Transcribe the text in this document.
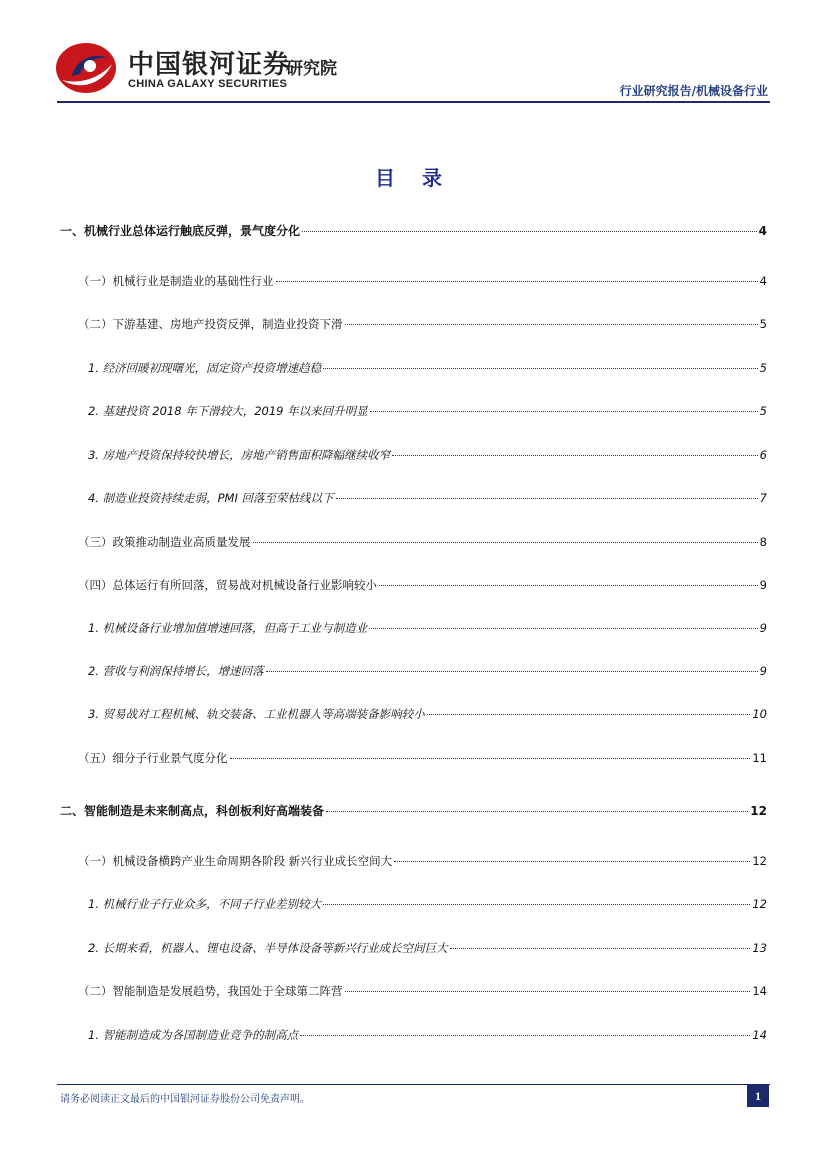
中国银河证券
CHINA GALAXY SECURITIES
研究院
行业研究报告/机械设备行业
目 录
一、机械行业总体运行触底反弹，景气度分化	4
（一）机械行业是制造业的基础性行业	4
（二）下游基建、房地产投资反弹，制造业投资下滑	5
1. 经济回暖初现曙光，固定资产投资增速趋稳	5
2. 基建投资 2018 年下滑较大，2019 年以来回升明显	5
3. 房地产投资保持较快增长，房地产销售面积降幅继续收窄	6
4. 制造业投资持续走弱，PMI 回落至荣枯线以下	7
（三）政策推动制造业高质量发展	8
（四）总体运行有所回落，贸易战对机械设备行业影响较小	9
1. 机械设备行业增加值增速回落，但高于工业与制造业	9
2. 营收与利润保持增长，增速回落	9
3. 贸易战对工程机械、轨交装备、工业机器人等高端装备影响较小	10
（五）细分子行业景气度分化	11
二、智能制造是未来制高点，科创板利好高端装备	12
（一）机械设备横跨产业生命周期各阶段 新兴行业成长空间大	12
1. 机械行业子行业众多，不同子行业差别较大	12
2. 长期来看，机器人、锂电设备、半导体设备等新兴行业成长空间巨大	13
（二）智能制造是发展趋势，我国处于全球第二阵营	14
1. 智能制造成为各国制造业竞争的制高点	14
请务必阅读正文最后的中国银河证券股份公司免责声明。	1
